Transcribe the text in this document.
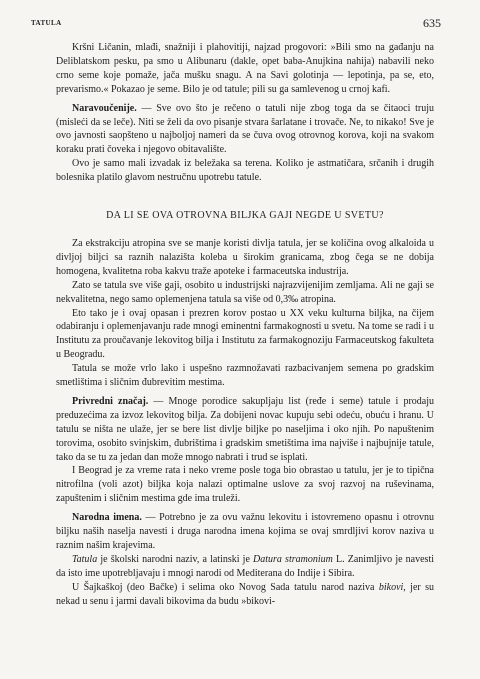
TATULA	635

Kršni Ličanin, mlađi, snažniji i plahovitiji, najzad progovori: »Bili smo na gađanju na Deliblatskom pesku, pa smo u Alibunaru (dakle, opet baba-Anujkina nahija) nabavili neko crno seme koje pomaže, jača mušku snagu. A na Savi golotinja — lepotinja, pa se, eto, prevarismo.« Pokazao je seme. Bilo je od tatule; pili su ga samlevenog u crnoj kafi.

Naravoučenije. — Sve ovo što je rečeno o tatuli nije zbog toga da se čitaoci truju (misleći da se leče). Niti se želi da ovo pisanje stvara šarlatane i trovače. Ne, to nikako! Sve je ovo javnosti saopšteno u najboljoj nameri da se čuva ovog otrovnog korova, koji na svakom koraku prati čoveka i njegovo obitavalište.

Ovo je samo mali izvadak iz beležaka sa terena. Koliko je astmatičara, srčanih i drugih bolesnika platilo glavom nestručnu upotrebu tatule.

DA LI SE OVA OTROVNA BILJKA GAJI NEGDE U SVETU?

Za ekstrakciju atropina sve se manje koristi divlja tatula, jer se količina ovog alkaloida u divljoj biljci sa raznih nalazišta koleba u širokim granicama, zbog čega se ne dobija homogena, kvalitetna roba kakvu traže apoteke i farmaceutska industrija.

Zato se tatula sve više gaji, osobito u industrijski najrazvijenijim zemljama. Ali ne gaji se nekvalitetna, nego samo oplemenjena tatula sa više od 0,3‰ atropina.

Eto tako je i ovaj opasan i prezren korov postao u XX veku kulturna biljka, na čijem odabiranju i oplemenjavanju rade mnogi eminentni farmakognosti u svetu. Na tome se radi i u Institutu za proučavanje lekovitog bilja i Institutu za farmakognoziju Farmaceutskog fakulteta u Beogradu.

Tatula se može vrlo lako i uspešno razmnožavati razbacivanjem semena po gradskim smetlištima i sličnim đubrevitim mestima.

Privredni značaj. — Mnoge porodice sakupljaju list (ređe i seme) tatule i prodaju preduzećima za izvoz lekovitog bilja. Za dobijeni novac kupuju sebi odeću, obuću i hranu. U tatulu se ništa ne ulaže, jer se bere list divlje biljke po naseljima i oko njih. Po napuštenim torovima, osobito svinjskim, đubrištima i gradskim smetištima ima najviše i najbujnije tatule, tako da se tu za jedan dan može mnogo nabrati i trud se isplati.

I Beograd je za vreme rata i neko vreme posle toga bio obrastao u tatulu, jer je to tipična nitrofilna (voli azot) biljka koja nalazi optimalne uslove za svoj razvoj na ruševinama, zapuštenim i sličnim mestima gde ima truleži.

Narodna imena. — Potrebno je za ovu važnu lekovitu i istovremeno opasnu i otrovnu biljku naših naselja navesti i druga narodna imena kojima se ovaj smrdljivi korov naziva u raznim našim krajevima.

Tatula je školski narodni naziv, a latinski je Datura stramonium L. Zanimljivo je navesti da isto ime upotrebljavaju i mnogi narodi od Mediterana do Indije i Sibira.

U Šajkaškoj (deo Bačke) i selima oko Novog Sada tatulu narod naziva bikovi, jer su nekad u senu i jarmi davali bikovima da budu »bikovi-
